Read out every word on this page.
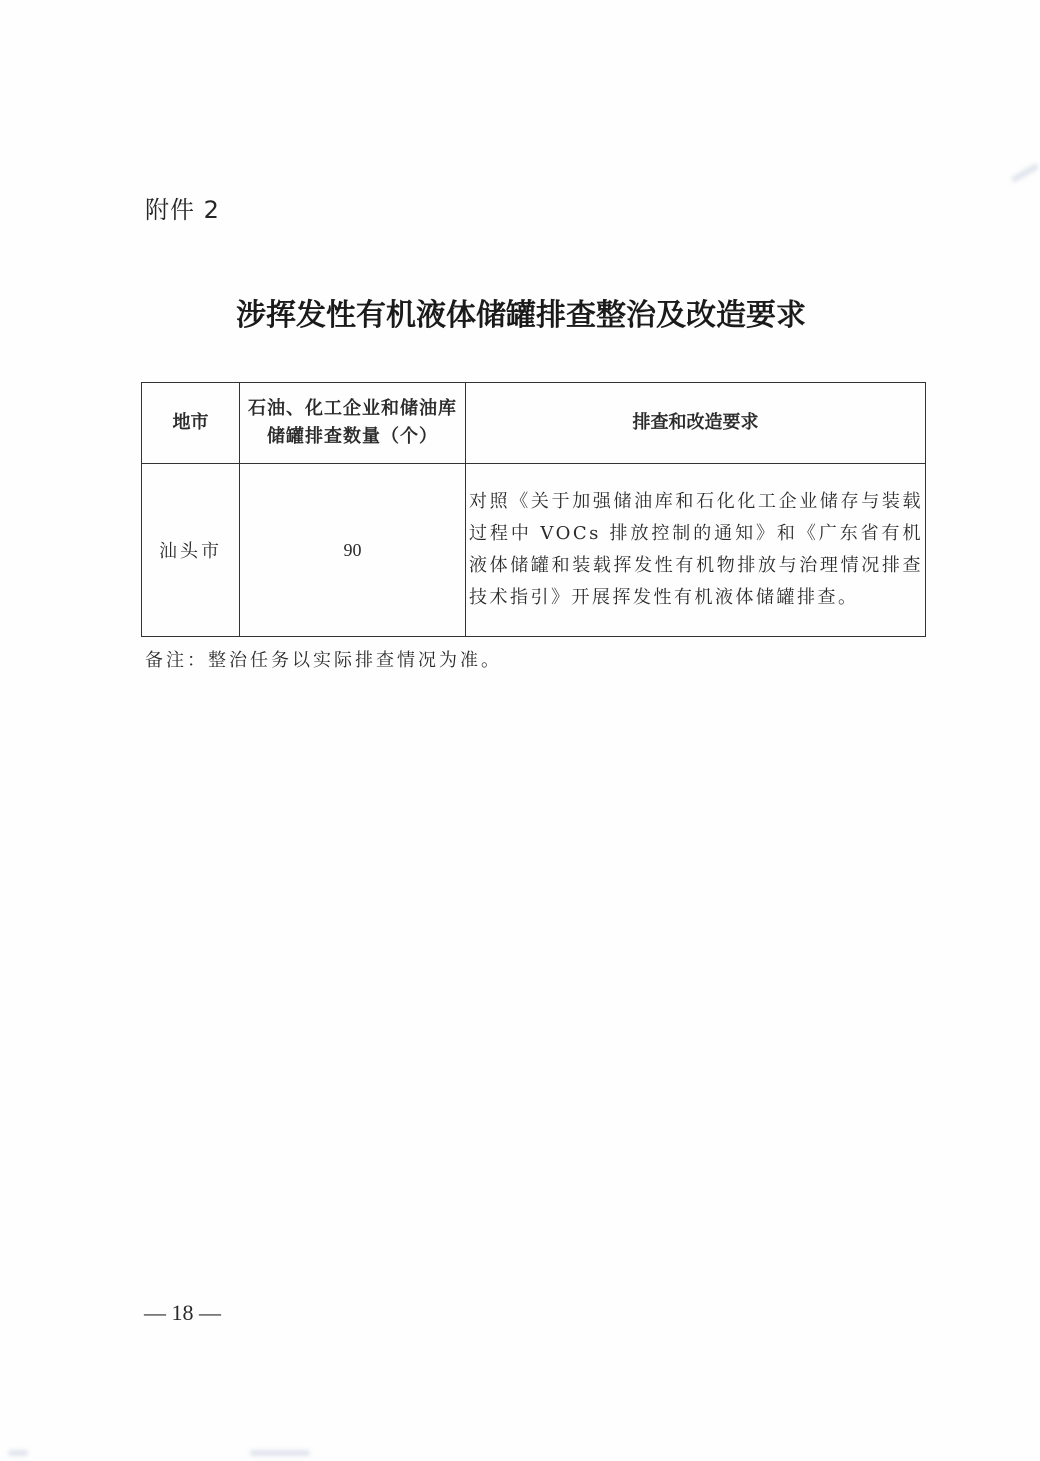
附件 2
涉挥发性有机液体储罐排查整治及改造要求
地市	石油、化工企业和储油库储罐排查数量（个）	排查和改造要求
汕头市	90	对照《关于加强储油库和石化化工企业储存与装载过程中 VOCs 排放控制的通知》和《广东省有机液体储罐和装载挥发性有机物排放与治理情况排查技术指引》开展挥发性有机液体储罐排查。
备注：整治任务以实际排查情况为准。
— 18 —
